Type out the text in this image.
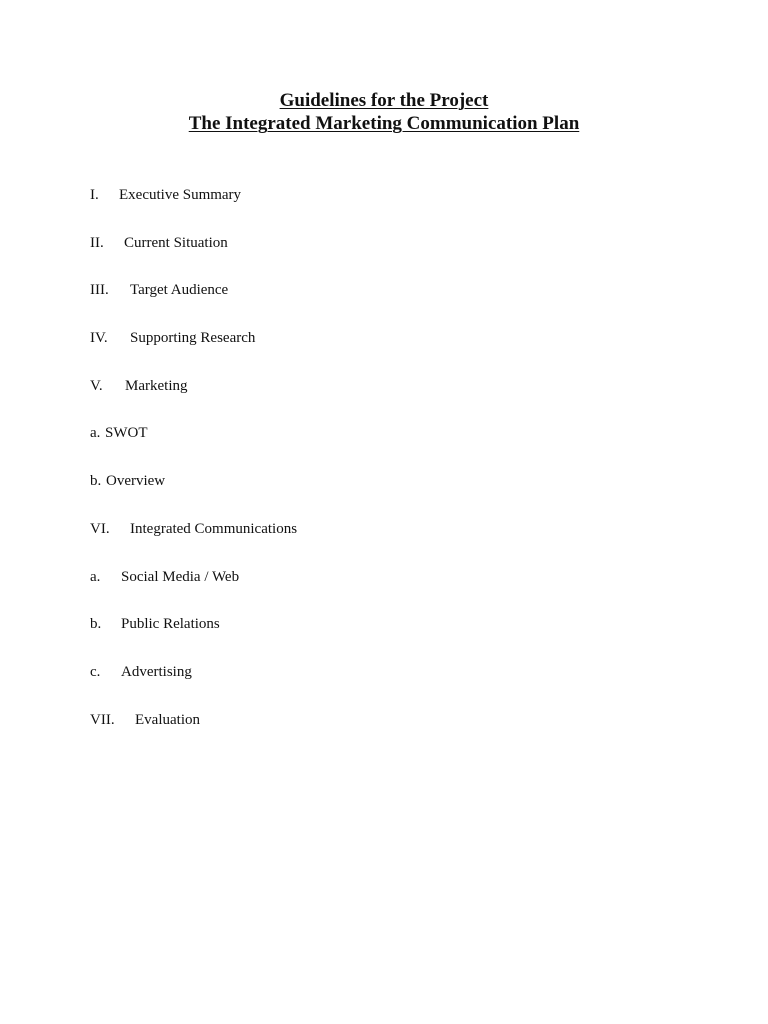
Guidelines for the Project
The Integrated Marketing Communication Plan
I. Executive Summary
II. Current Situation
III. Target Audience
IV. Supporting Research
V. Marketing
a. SWOT
b. Overview
VI. Integrated Communications
a. Social Media / Web
b. Public Relations
c. Advertising
VII. Evaluation
